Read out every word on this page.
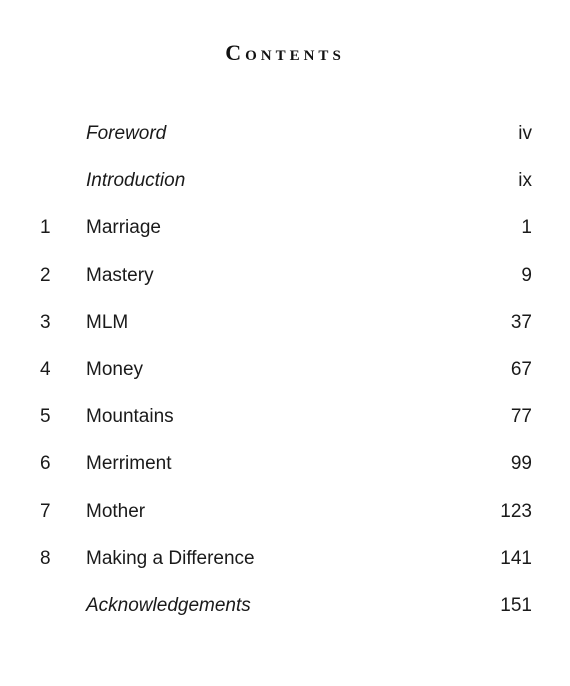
Contents
Foreword	iv
Introduction	ix
1	Marriage	1
2	Mastery	9
3	MLM	37
4	Money	67
5	Mountains	77
6	Merriment	99
7	Mother	123
8	Making a Difference	141
Acknowledgements	151
